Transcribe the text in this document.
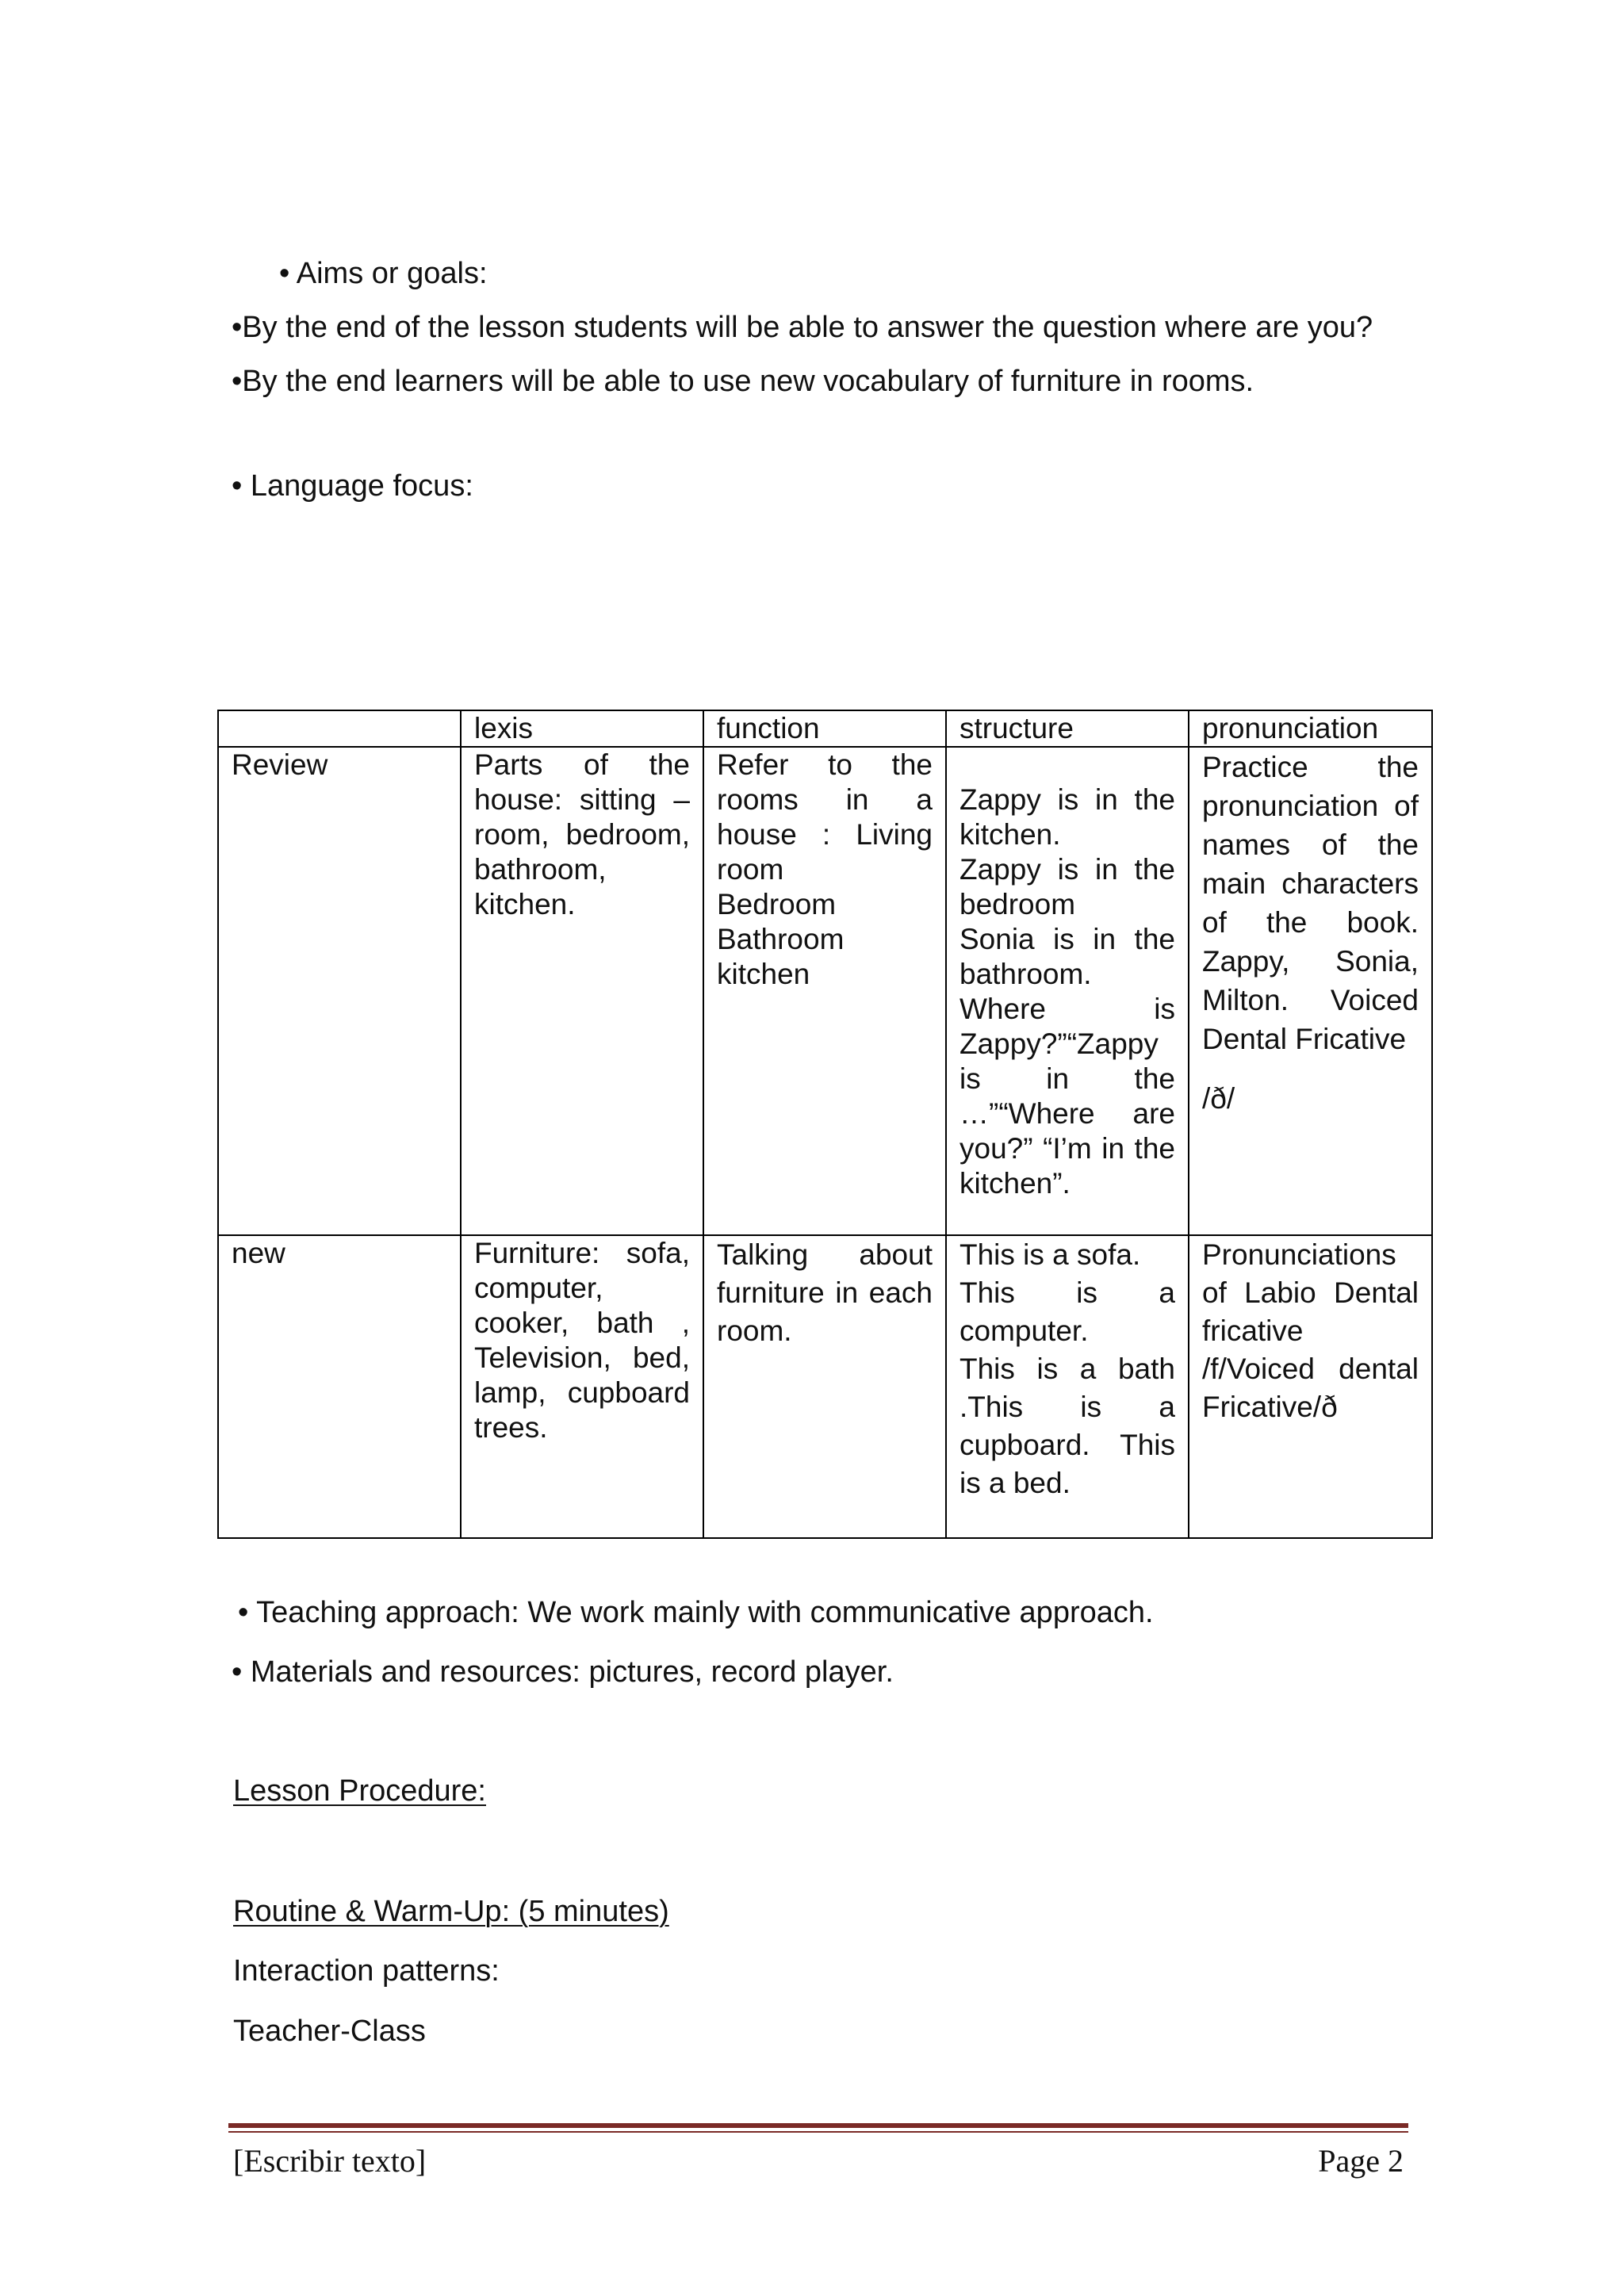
• Aims or goals:
•By the end of the lesson students will be able to answer the question where are you?
•By the end learners will be able to use new vocabulary of furniture in rooms.
• Language focus:
	lexis	function	structure	pronunciation
Review	Parts of the house: sitting – room, bedroom, bathroom, kitchen.	Refer to the rooms in a house : Living room
Bedroom
Bathroom
kitchen	Zappy is in the kitchen.
Zappy is in the bedroom
Sonia is in the bathroom.
Where is Zappy?”“Zappy is in the …”“Where are you?” “I’m in the kitchen”.	Practice the pronunciation of names of the main characters of the book. Zappy, Sonia, Milton. Voiced Dental Fricative
/ð/

new	Furniture: sofa, computer, cooker, bath , Television, bed, lamp, cupboard trees.	Talking about furniture in each room.	This is a sofa.
This is a computer.
This is a bath .This is a cupboard. This is a bed.	Pronunciations of Labio Dental fricative /f/Voiced dental Fricative/ð
• Teaching approach: We work mainly with communicative approach.
• Materials and resources: pictures, record player.
Lesson Procedure:
Routine & Warm-Up: (5 minutes)
Interaction patterns:
Teacher-Class
[Escribir texto]	Page 2
